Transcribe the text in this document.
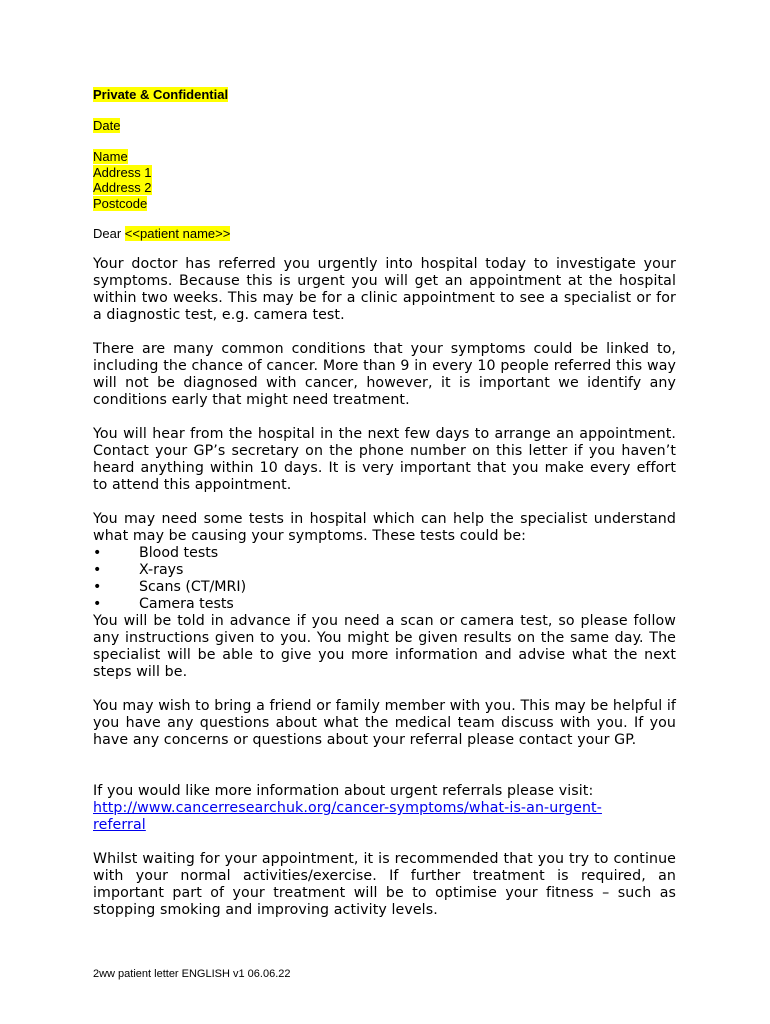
Private & Confidential

Date

Name
Address 1
Address 2
Postcode

Dear <<patient name>>

Your doctor has referred you urgently into hospital today to investigate your symptoms. Because this is urgent you will get an appointment at the hospital within two weeks. This may be for a clinic appointment to see a specialist or for a diagnostic test, e.g. camera test.

There are many common conditions that your symptoms could be linked to, including the chance of cancer. More than 9 in every 10 people referred this way will not be diagnosed with cancer, however, it is important we identify any conditions early that might need treatment.

You will hear from the hospital in the next few days to arrange an appointment. Contact your GP’s secretary on the phone number on this letter if you haven’t heard anything within 10 days. It is very important that you make every effort to attend this appointment.

You may need some tests in hospital which can help the specialist understand what may be causing your symptoms. These tests could be:

•	Blood tests
•	X-rays
•	Scans (CT/MRI)
•	Camera tests

You will be told in advance if you need a scan or camera test, so please follow any instructions given to you. You might be given results on the same day. The specialist will be able to give you more information and advise what the next steps will be.

You may wish to bring a friend or family member with you. This may be helpful if you have any questions about what the medical team discuss with you. If you have any concerns or questions about your referral please contact your GP.

If you would like more information about urgent referrals please visit:
http://www.cancerresearchuk.org/cancer-symptoms/what-is-an-urgent-
referral

Whilst waiting for your appointment, it is recommended that you try to continue with your normal activities/exercise. If further treatment is required, an important part of your treatment will be to optimise your fitness – such as stopping smoking and improving activity levels.

2ww patient letter ENGLISH v1 06.06.22
